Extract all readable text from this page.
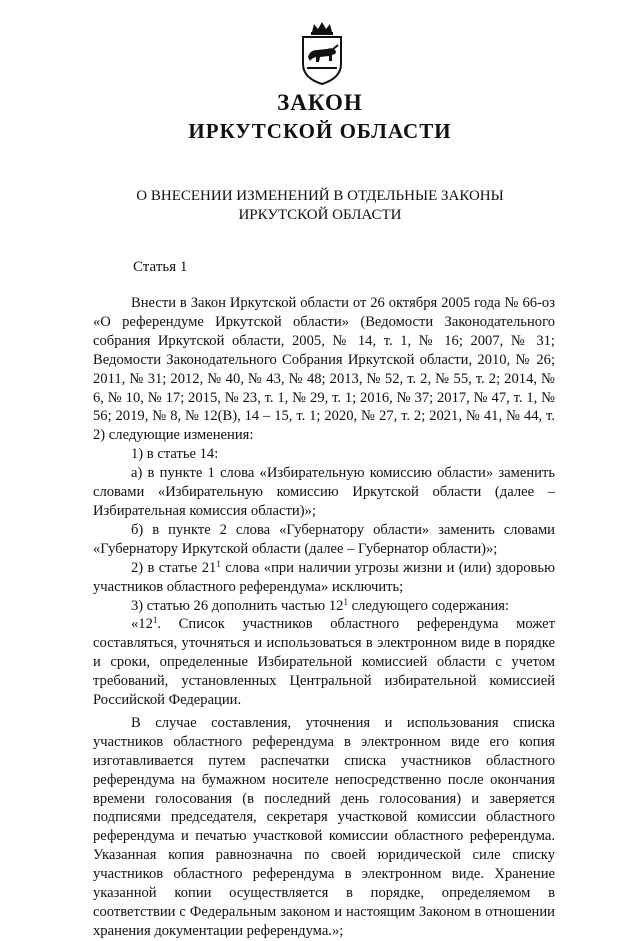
ЗАКОН
ИРКУТСКОЙ ОБЛАСТИ
О ВНЕСЕНИИ ИЗМЕНЕНИЙ В ОТДЕЛЬНЫЕ ЗАКОНЫ
ИРКУТСКОЙ ОБЛАСТИ
Статья 1

Внести в Закон Иркутской области от 26 октября 2005 года № 66-оз «О референдуме Иркутской области» (Ведомости Законодательного собрания Иркутской области, 2005, № 14, т. 1, № 16; 2007, № 31; Ведомости Законодательного Собрания Иркутской области, 2010, № 26; 2011, № 31; 2012, № 40, № 43, № 48; 2013, № 52, т. 2, № 55, т. 2; 2014, № 6, № 10, № 17; 2015, № 23, т. 1, № 29, т. 1; 2016, № 37; 2017, № 47, т. 1, № 56; 2019, № 8, № 12(В), 14 – 15, т. 1; 2020, № 27, т. 2; 2021, № 41, № 44, т. 2) следующие изменения:

1) в статье 14:

а) в пункте 1 слова «Избирательную комиссию области» заменить словами «Избирательную комиссию Иркутской области (далее – Избирательная комиссия области)»;

б) в пункте 2 слова «Губернатору области» заменить словами «Губернатору Иркутской области (далее – Губернатор области)»;

2) в статье $21^1$ слова «при наличии угрозы жизни и (или) здоровью участников областного референдума» исключить;

3) статью 26 дополнить частью $12^1$ следующего содержания:

«$12^1$. Список участников областного референдума может составляться, уточняться и использоваться в электронном виде в порядке и сроки, определенные Избирательной комиссией области с учетом требований, установленных Центральной избирательной комиссией Российской Федерации.

В случае составления, уточнения и использования списка участников областного референдума в электронном виде его копия изготавливается путем распечатки списка участников областного референдума на бумажном носителе непосредственно после окончания времени голосования (в последний день голосования) и заверяется подписями председателя, секретаря участковой комиссии областного референдума и печатью участковой комиссии областного референдума. Указанная копия равнозначна по своей юридической силе списку участников областного референдума в электронном виде. Хранение указанной копии осуществляется в порядке, определяемом в соответствии с Федеральным законом и настоящим Законом в отношении хранения документации референдума.»;
